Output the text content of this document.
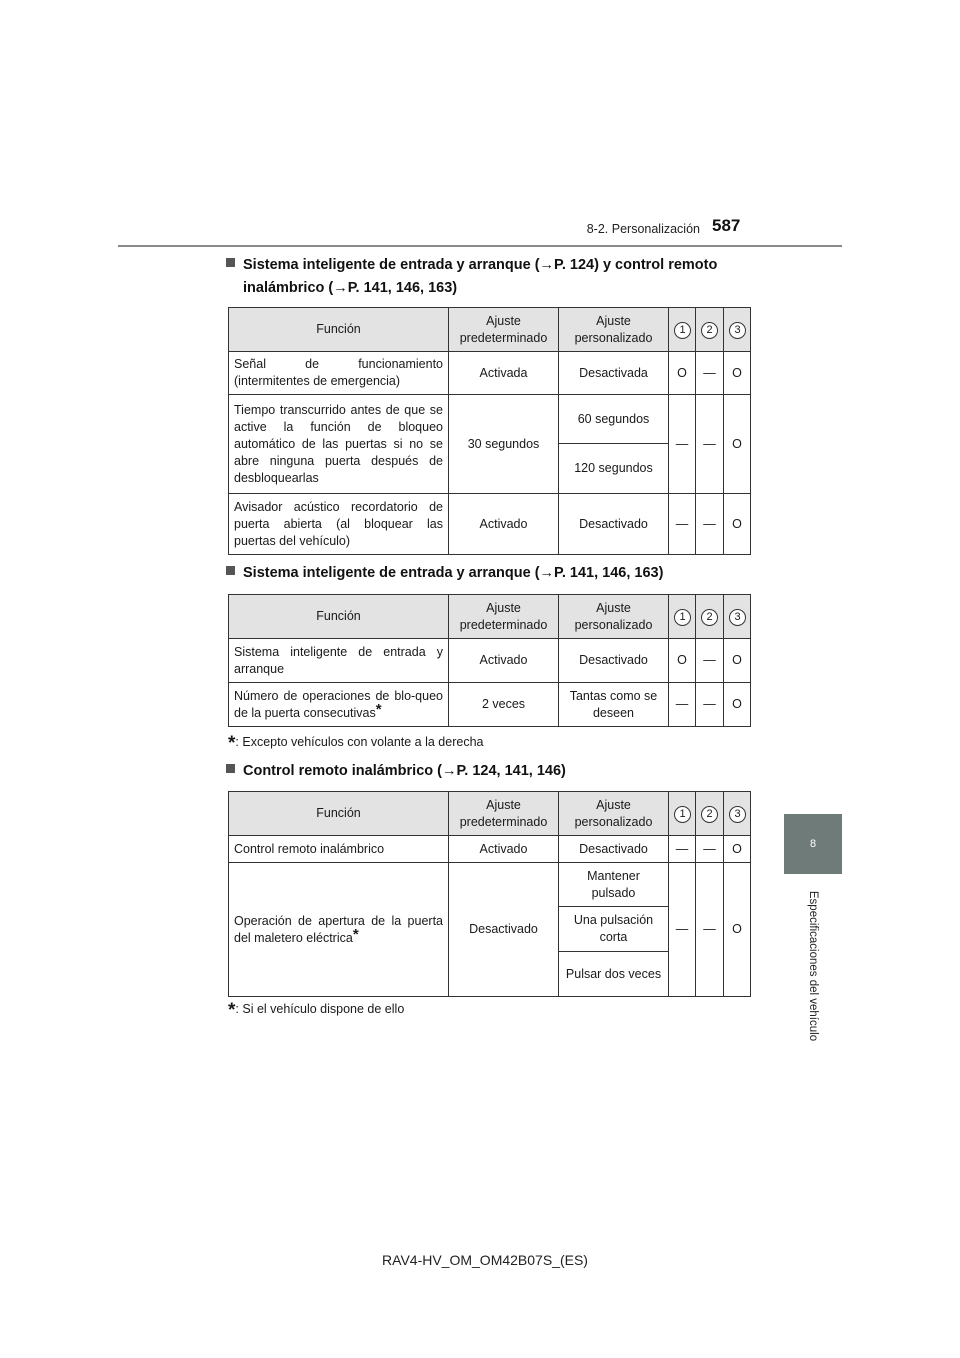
8-2. Personalización 587
8
Especificaciones del vehículo
Sistema inteligente de entrada y arranque (→P. 124) y control remoto
inalámbrico (→P. 141, 146, 163)
Función	Ajuste predeterminado	Ajuste personalizado	1	2	3
Señal de funcionamiento (intermitentes de emergencia)	Activada	Desactivada	O	—	O
Tiempo transcurrido antes de que se active la función de bloqueo automático de las puertas si no se abre ninguna puerta después de desbloquearlas	30 segundos	60 segundos	—	—	O
		120 segundos			
Avisador acústico recordatorio de puerta abierta (al bloquear las puertas del vehículo)	Activado	Desactivado	—	—	O
Sistema inteligente de entrada y arranque (→P. 141, 146, 163)
Función	Ajuste predeterminado	Ajuste personalizado	1	2	3
Sistema inteligente de entrada y arranque	Activado	Desactivado	O	—	O
Número de operaciones de blo-queo de la puerta consecutivas*	2 veces	Tantas como se deseen	—	—	O
*: Excepto vehículos con volante a la derecha
Control remoto inalámbrico (→P. 124, 141, 146)
Función	Ajuste predeterminado	Ajuste personalizado	1	2	3
Control remoto inalámbrico	Activado	Desactivado	—	—	O
Operación de apertura de la puerta del maletero eléctrica*	Desactivado	Mantener pulsado	—	—	O
		Una pulsación corta			
		Pulsar dos veces			
*: Si el vehículo dispone de ello
RAV4-HV_OM_OM42B07S_(ES)
